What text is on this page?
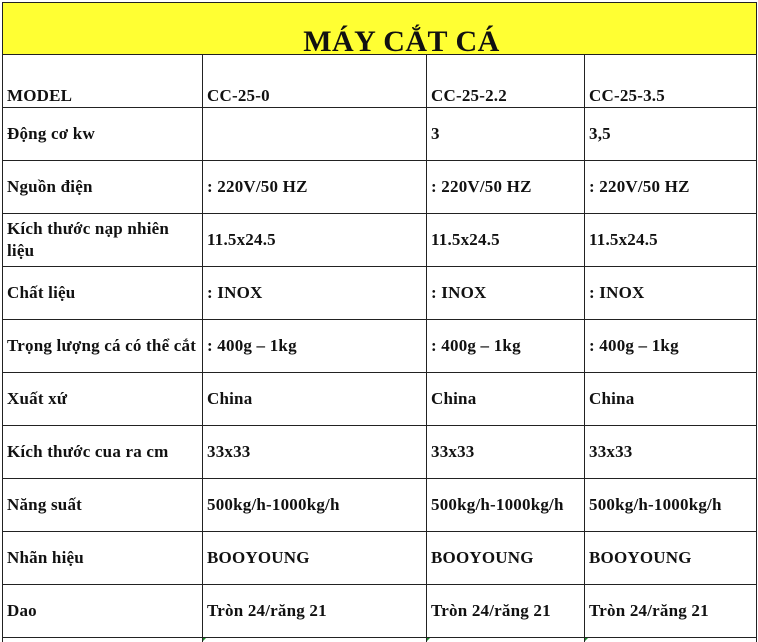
MÁY CẮT CÁ			
MODEL	CC-25-0	CC-25-2.2	CC-25-3.5
Động cơ kw		3	3,5
Nguồn điện	: 220V/50 HZ	: 220V/50 HZ	: 220V/50 HZ
Kích thước nạp nhiên liệu	11.5x24.5	11.5x24.5	11.5x24.5
Chất liệu	: INOX	: INOX	: INOX
Trọng lượng cá có thể cắt	: 400g – 1kg	: 400g – 1kg	: 400g – 1kg
Xuất xứ	China	China	China
Kích thước cua ra cm	33x33	33x33	33x33
Năng suất	500kg/h-1000kg/h	500kg/h-1000kg/h	500kg/h-1000kg/h
Nhãn hiệu	BOOYOUNG	BOOYOUNG	BOOYOUNG
Dao	Tròn 24/răng 21	Tròn 24/răng 21	Tròn 24/răng 21
